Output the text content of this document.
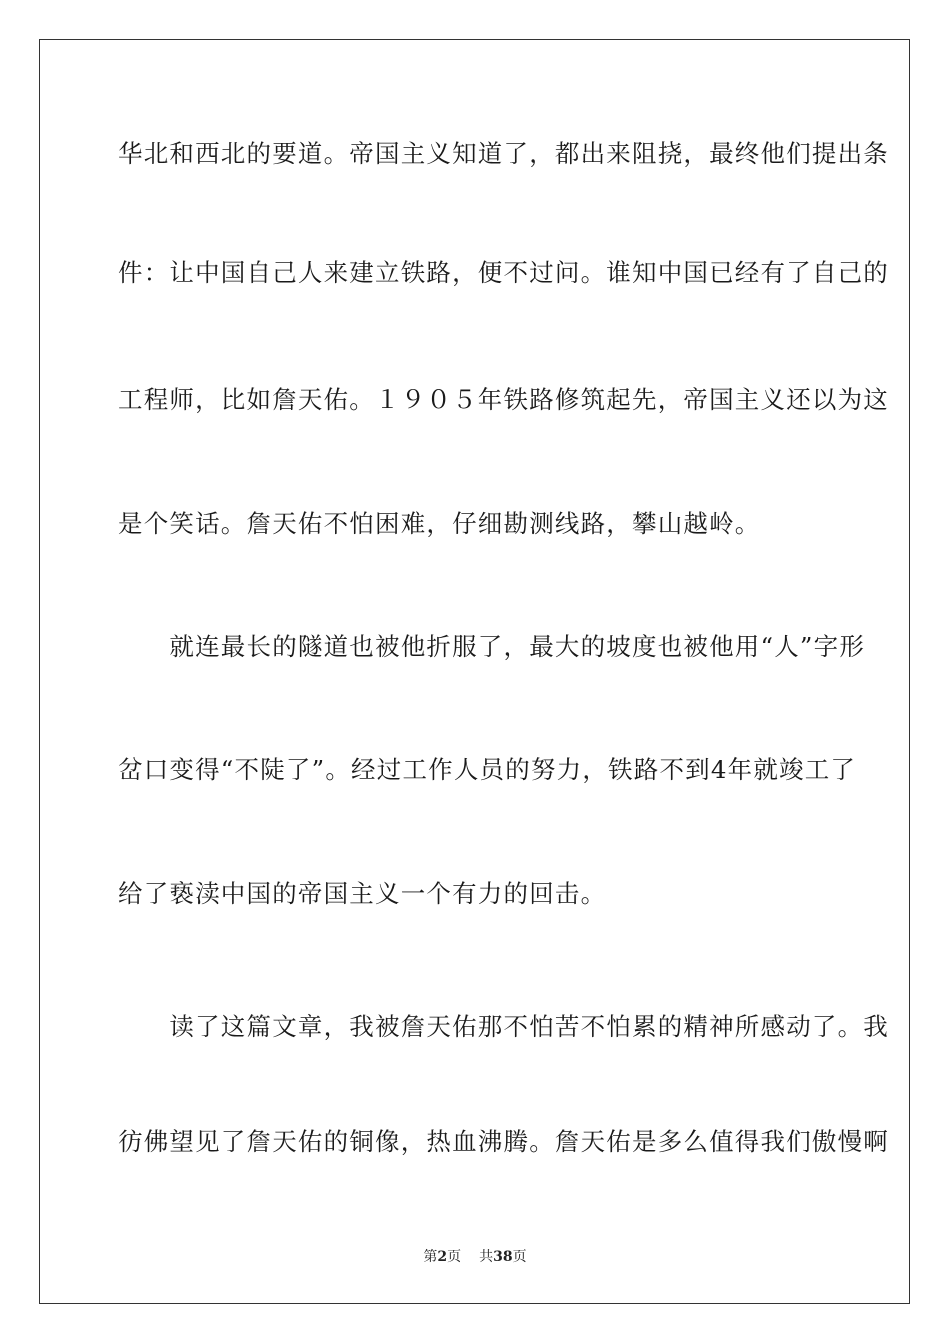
华北和西北的要道。帝国主义知道了，都出来阻挠，最终他们提出条
件：让中国自己人来建立铁路，便不过问。谁知中国已经有了自己的
工程师，比如詹天佑。１９０５年铁路修筑起先，帝国主义还以为这
是个笑话。詹天佑不怕困难，仔细勘测线路，攀山越岭。
　　就连最长的隧道也被他折服了，最大的坡度也被他用“人”字形
岔口变得“不陡了”。经过工作人员的努力，铁路不到4年就竣工了
给了亵渎中国的帝国主义一个有力的回击。
　　读了这篇文章，我被詹天佑那不怕苦不怕累的精神所感动了。我
彷佛望见了詹天佑的铜像，热血沸腾。詹天佑是多么值得我们傲慢啊
第2页 共38页
